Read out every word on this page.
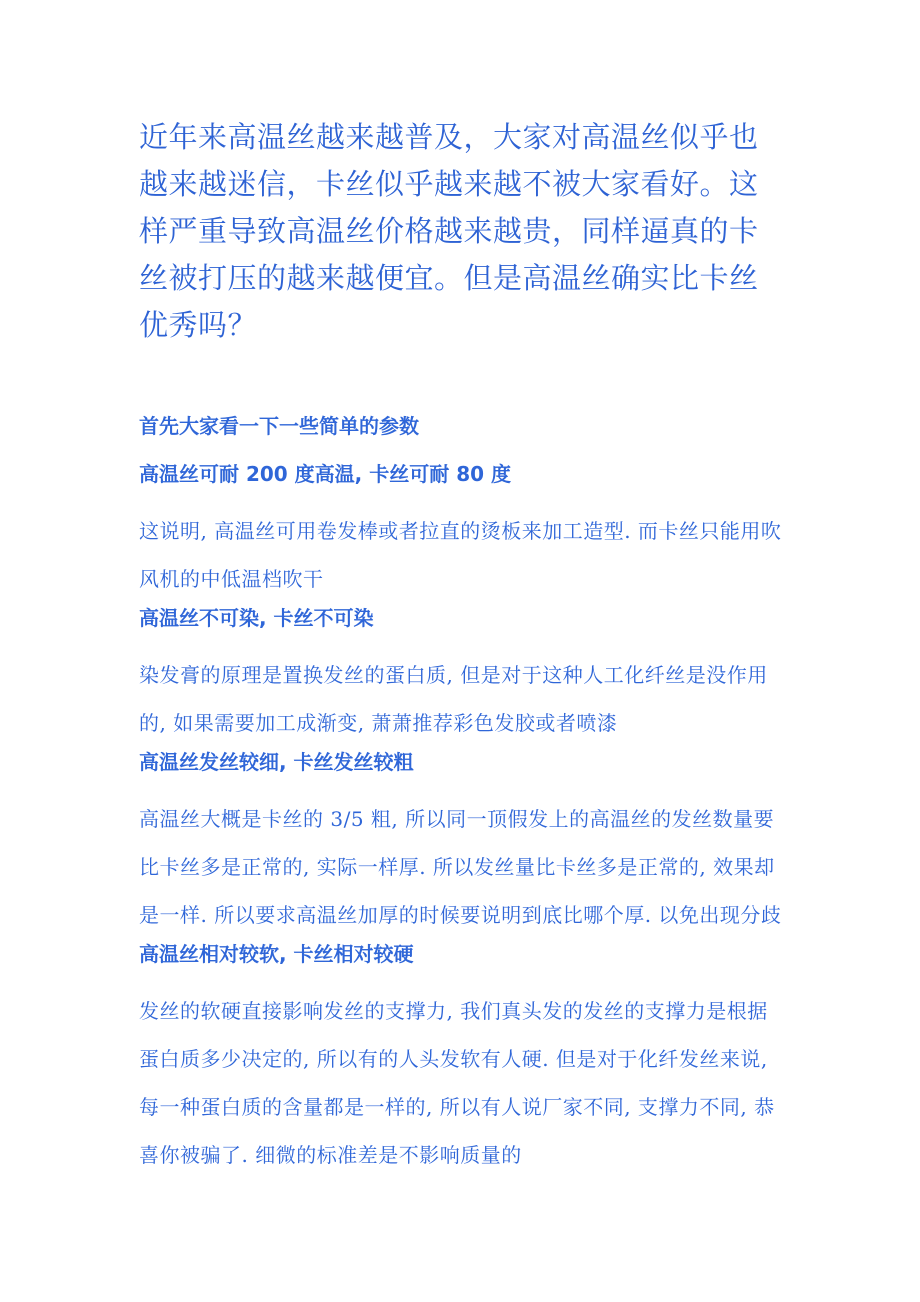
近年来高温丝越来越普及，大家对高温丝似乎也越来越迷信，卡丝似乎越来越不被大家看好。这样严重导致高温丝价格越来越贵，同样逼真的卡丝被打压的越来越便宜。但是高温丝确实比卡丝优秀吗？

首先大家看一下一些简单的参数

高温丝可耐 200 度高温, 卡丝可耐 80 度

这说明, 高温丝可用卷发棒或者拉直的烫板来加工造型. 而卡丝只能用吹风机的中低温档吹干

高温丝不可染, 卡丝不可染

染发膏的原理是置换发丝的蛋白质, 但是对于这种人工化纤丝是没作用的, 如果需要加工成渐变, 萧萧推荐彩色发胶或者喷漆

高温丝发丝较细, 卡丝发丝较粗

高温丝大概是卡丝的 3/5 粗, 所以同一顶假发上的高温丝的发丝数量要比卡丝多是正常的, 实际一样厚. 所以发丝量比卡丝多是正常的, 效果却是一样. 所以要求高温丝加厚的时候要说明到底比哪个厚. 以免出现分歧

高温丝相对较软, 卡丝相对较硬

发丝的软硬直接影响发丝的支撑力, 我们真头发的发丝的支撑力是根据蛋白质多少决定的, 所以有的人头发软有人硬. 但是对于化纤发丝来说, 每一种蛋白质的含量都是一样的, 所以有人说厂家不同, 支撑力不同, 恭喜你被骗了. 细微的标准差是不影响质量的
